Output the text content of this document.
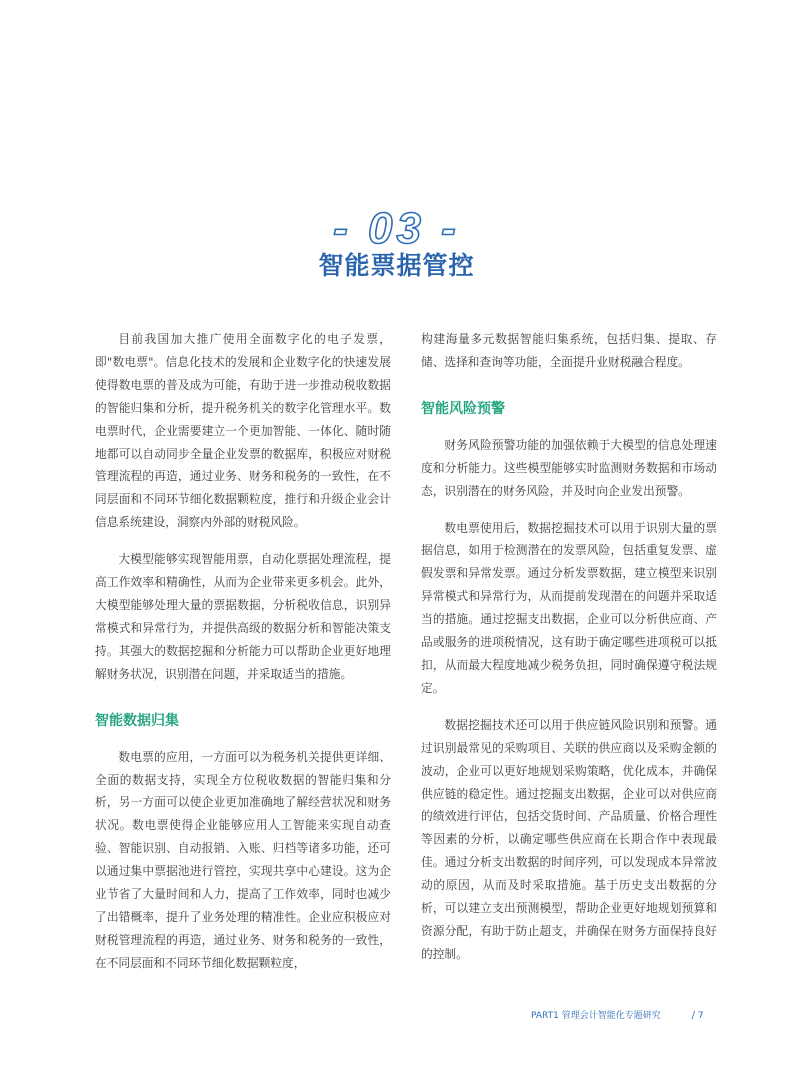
- 03 -
智能票据管控

目前我国加大推广使用全面数字化的电子发票，即"数电票"。信息化技术的发展和企业数字化的快速发展使得数电票的普及成为可能，有助于进一步推动税收数据的智能归集和分析，提升税务机关的数字化管理水平。数电票时代，企业需要建立一个更加智能、一体化、随时随地都可以自动同步全量企业发票的数据库，积极应对财税管理流程的再造，通过业务、财务和税务的一致性，在不同层面和不同环节细化数据颗粒度，推行和升级企业会计信息系统建设，洞察内外部的财税风险。

大模型能够实现智能用票，自动化票据处理流程，提高工作效率和精确性，从而为企业带来更多机会。此外，大模型能够处理大量的票据数据，分析税收信息，识别异常模式和异常行为，并提供高级的数据分析和智能决策支持。其强大的数据挖掘和分析能力可以帮助企业更好地理解财务状况，识别潜在问题，并采取适当的措施。

智能数据归集

数电票的应用，一方面可以为税务机关提供更详细、全面的数据支持，实现全方位税收数据的智能归集和分析，另一方面可以使企业更加准确地了解经营状况和财务状况。数电票使得企业能够应用人工智能来实现自动查验、智能识别、自动报销、入账、归档等诸多功能，还可以通过集中票据池进行管控，实现共享中心建设。这为企业节省了大量时间和人力，提高了工作效率，同时也减少了出错概率，提升了业务处理的精准性。企业应积极应对财税管理流程的再造，通过业务、财务和税务的一致性，在不同层面和不同环节细化数据颗粒度，

构建海量多元数据智能归集系统，包括归集、提取、存储、选择和查询等功能，全面提升业财税融合程度。

智能风险预警

财务风险预警功能的加强依赖于大模型的信息处理速度和分析能力。这些模型能够实时监测财务数据和市场动态，识别潜在的财务风险，并及时向企业发出预警。

数电票使用后，数据挖掘技术可以用于识别大量的票据信息，如用于检测潜在的发票风险，包括重复发票、虚假发票和异常发票。通过分析发票数据，建立模型来识别异常模式和异常行为，从而提前发现潜在的问题并采取适当的措施。通过挖掘支出数据，企业可以分析供应商、产品或服务的进项税情况，这有助于确定哪些进项税可以抵扣，从而最大程度地减少税务负担，同时确保遵守税法规定。

数据挖掘技术还可以用于供应链风险识别和预警。通过识别最常见的采购项目、关联的供应商以及采购金额的波动，企业可以更好地规划采购策略，优化成本，并确保供应链的稳定性。通过挖掘支出数据，企业可以对供应商的绩效进行评估，包括交货时间、产品质量、价格合理性等因素的分析，以确定哪些供应商在长期合作中表现最佳。通过分析支出数据的时间序列，可以发现成本异常波动的原因，从而及时采取措施。基于历史支出数据的分析，可以建立支出预测模型，帮助企业更好地规划预算和资源分配，有助于防止超支，并确保在财务方面保持良好的控制。

PART1 管理会计智能化专题研究	/ 7
